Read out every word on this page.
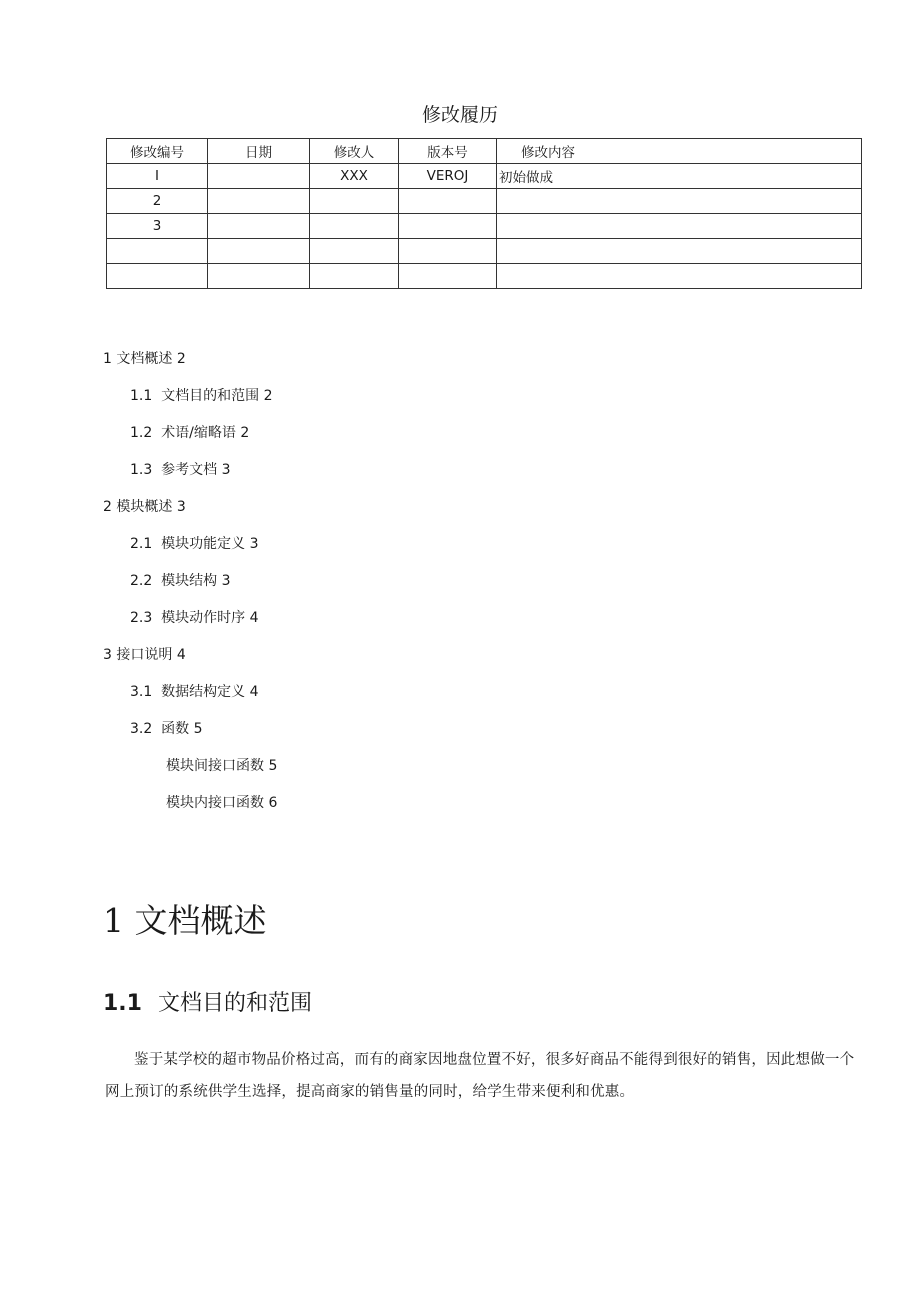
修改履历
修改编号	日期	修改人	版本号	修改内容
I		XXX	VEROJ	初始做成
2				
3				

1 文档概述 2
1.1 文档目的和范围 2
1.2 术语/缩略语 2
1.3 参考文档 3
2 模块概述 3
2.1 模块功能定义 3
2.2 模块结构 3
2.3 模块动作时序 4
3 接口说明 4
3.1 数据结构定义 4
3.2 函数 5
模块间接口函数 5
模块内接口函数 6
1 文档概述
1.1 文档目的和范围
鉴于某学校的超市物品价格过高，而有的商家因地盘位置不好，很多好商品不能得到很好的销售，因此想做一个网上预订的系统供学生选择，提高商家的销售量的同时，给学生带来便利和优惠。
